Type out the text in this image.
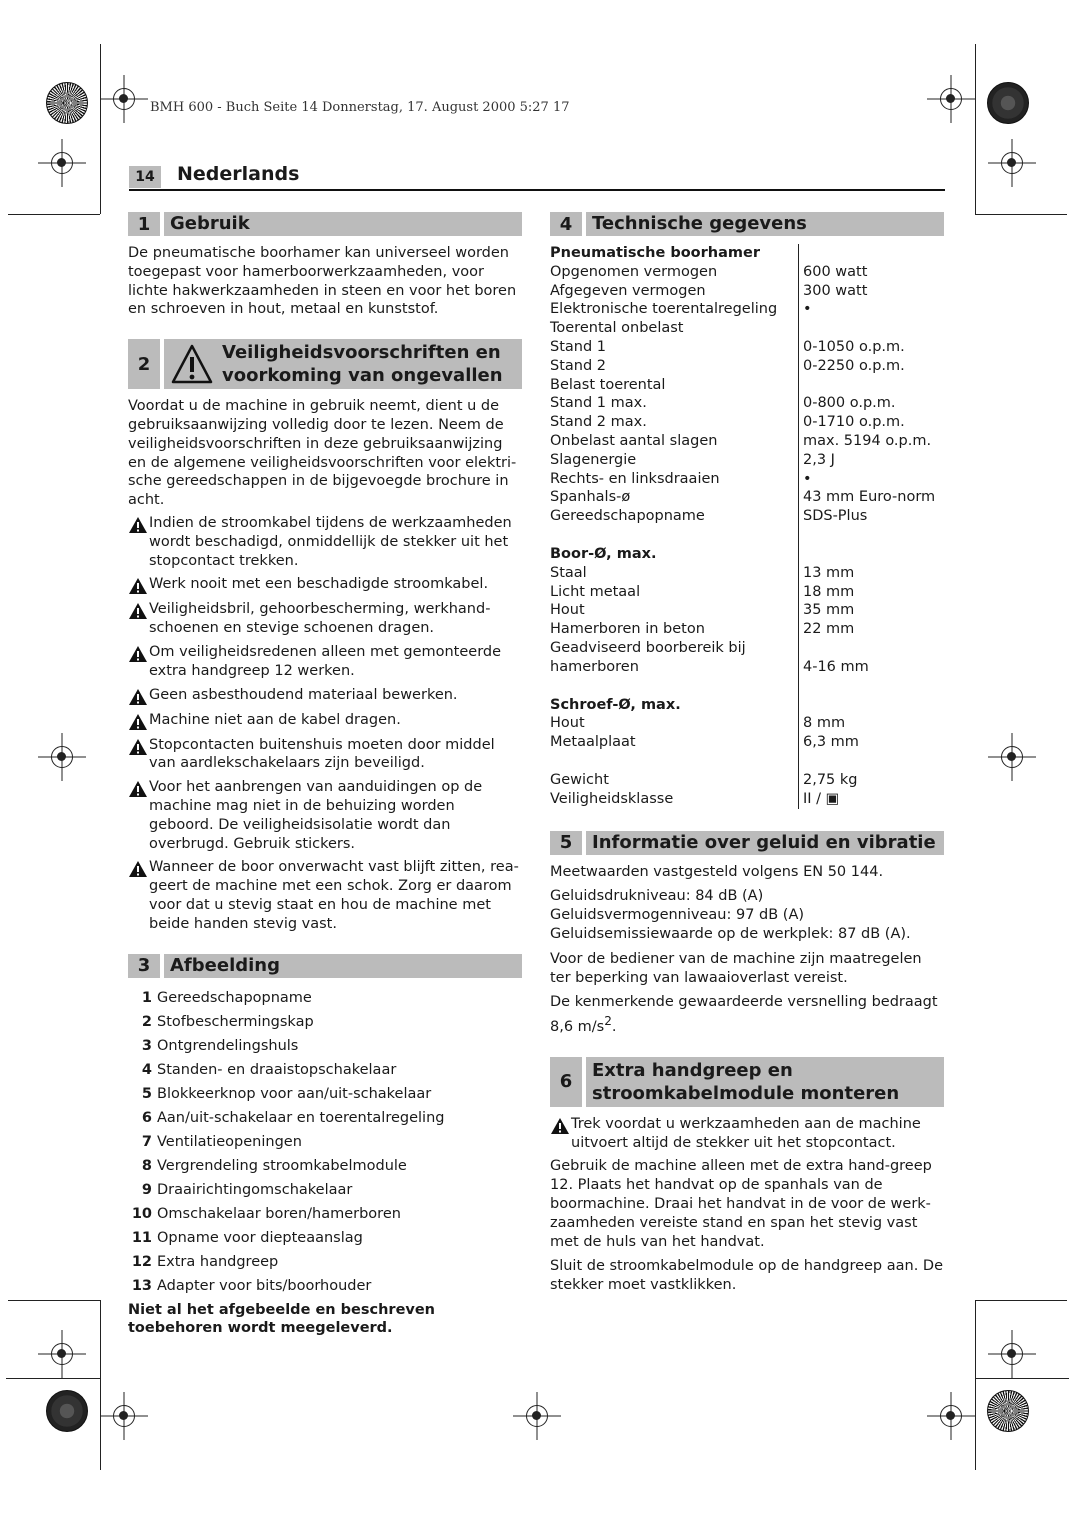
BMH 600 - Buch Seite 14 Donnerstag, 17. August 2000 5:27 17
14	Nederlands
1	Gebruik

De pneumatische boorhamer kan universeel worden toegepast voor hamerboorwerkzaamheden, voor lichte hakwerkzaamheden in steen en voor het boren en schroeven in hout, metaal en kunststof.

2
Veiligheidsvoorschriften en
voorkoming van ongevallen

Voordat u de machine in gebruik neemt, dient u de gebruiksaanwijzing volledig door te lezen. Neem de veiligheidsvoorschriften in deze gebruiksaanwijzing en de algemene veiligheidsvoorschriften voor elektri-sche gereedschappen in de bijgevoegde brochure in acht.

Indien de stroomkabel tijdens de werkzaamheden wordt beschadigd, onmiddellijk de stekker uit het stopcontact trekken.
Werk nooit met een beschadigde stroomkabel.
Veiligheidsbril, gehoorbescherming, werkhand-schoenen en stevige schoenen dragen.
Om veiligheidsredenen alleen met gemonteerde extra handgreep 12 werken.
Geen asbesthoudend materiaal bewerken.
Machine niet aan de kabel dragen.
Stopcontacten buitenshuis moeten door middel van aardlekschakelaars zijn beveiligd.
Voor het aanbrengen van aanduidingen op de machine mag niet in de behuizing worden geboord. De veiligheidsisolatie wordt dan overbrugd. Gebruik stickers.
Wanneer de boor onverwacht vast blijft zitten, rea-geert de machine met een schok. Zorg er daarom voor dat u stevig staat en hou de machine met beide handen stevig vast.
3	Afbeelding
1 Gereedschapopname
2 Stofbeschermingskap
3 Ontgrendelingshuls
4 Standen- en draaistopschakelaar
5 Blokkeerknop voor aan/uit-schakelaar
6 Aan/uit-schakelaar en toerentalregeling
7 Ventilatieopeningen
8 Vergrendeling stroomkabelmodule
9 Draairichtingomschakelaar
10 Omschakelaar boren/hamerboren
11 Opname voor diepteaanslag
12 Extra handgreep
13 Adapter voor bits/boorhouder

Niet al het afgebeelde en beschreven toebehoren wordt meegeleverd.

4	Technische gegevens
Pneumatische boorhamer
Opgenomen vermogen	600 watt
Afgegeven vermogen	300 watt
Elektronische toerentalregeling	•
Toerental onbelast
Stand 1	0-1050 o.p.m.
Stand 2	0-2250 o.p.m.
Belast toerental
Stand 1 max.	0-800 o.p.m.
Stand 2 max.	0-1710 o.p.m.
Onbelast aantal slagen	max. 5194 o.p.m.
Slagenergie	2,3 J
Rechts- en linksdraaien	•
Spanhals-ø	43 mm Euro-norm
Gereedschapopname	SDS-Plus
Boor-Ø, max.
Staal	13 mm
Licht metaal	18 mm
Hout	35 mm
Hamerboren in beton	22 mm
Geadviseerd boorbereik bij
hamerboren	4-16 mm
Schroef-Ø, max.
Hout	8 mm
Metaalplaat	6,3 mm
Gewicht	2,75 kg
Veiligheidsklasse	II / ▣
5	Informatie over geluid en vibratie

Meetwaarden vastgesteld volgens EN 50 144.

Geluidsdrukniveau: 84 dB (A)
Geluidsvermogenniveau: 97 dB (A)
Geluidsemissiewaarde op de werkplek: 87 dB (A).

Voor de bediener van de machine zijn maatregelen ter beperking van lawaaioverlast vereist.

De kenmerkende gewaardeerde versnelling bedraagt 8,6 $m/s^2$.

6
Extra handgreep en
stroomkabelmodule monteren
Trek voordat u werkzaamheden aan de machine uitvoert altijd de stekker uit het stopcontact.

Gebruik de machine alleen met de extra hand-greep 12. Plaats het handvat op de spanhals van de boormachine. Draai het handvat in de voor de werk-zaamheden vereiste stand en span het stevig vast met de huls van het handvat.

Sluit de stroomkabelmodule op de handgreep aan. De stekker moet vastklikken.
